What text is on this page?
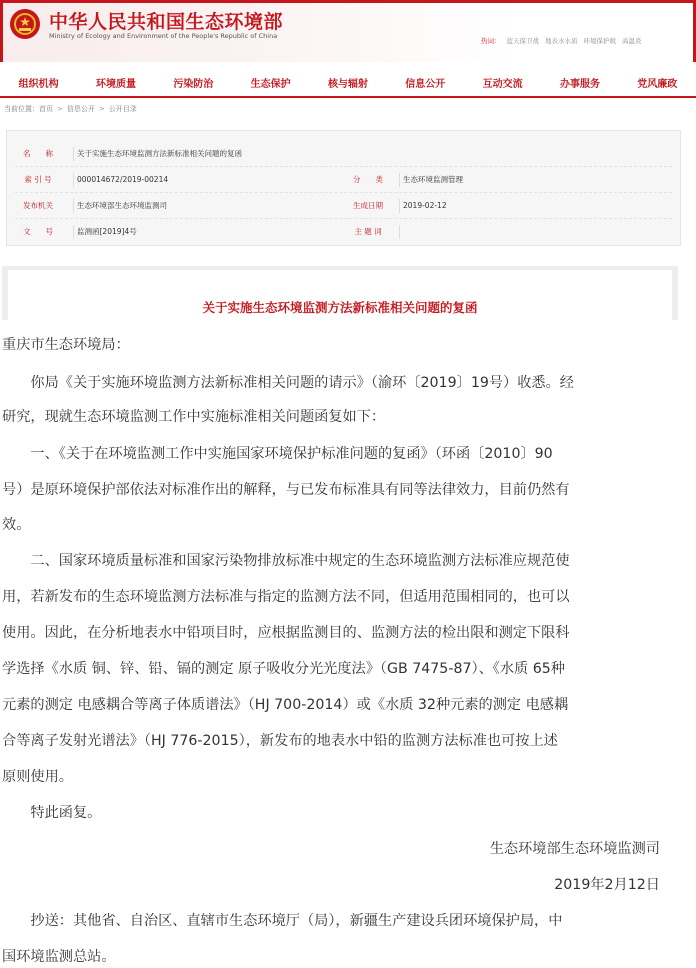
中华人民共和国生态环境部
Ministry of Ecology and Environment of the People's Republic of China
热词： 蓝天保卫战 地表水水质 环境保护税 高温炎
组织机构	环境质量	污染防治	生态保护	核与辐射	信息公开	互动交流	办事服务	党风廉政
当前位置：首页 > 信息公开 > 公开目录
名　　称	关于实施生态环境监测方法新标准相关问题的复函
索 引 号	000014672/2019-00214	分　　类	生态环境监测管理
发布机关	生态环境部生态环境监测司	生成日期	2019-02-12
文　　号	监测函[2019]4号	主 题 词
关于实施生态环境监测方法新标准相关问题的复函
重庆市生态环境局：
　　你局《关于实施环境监测方法新标准相关问题的请示》（渝环〔2019〕19号）收悉。经
研究，现就生态环境监测工作中实施标准相关问题函复如下：
　　一、《关于在环境监测工作中实施国家环境保护标准问题的复函》（环函〔2010〕90
号）是原环境保护部依法对标准作出的解释，与已发布标准具有同等法律效力，目前仍然有
效。
　　二、国家环境质量标准和国家污染物排放标准中规定的生态环境监测方法标准应规范使
用，若新发布的生态环境监测方法标准与指定的监测方法不同，但适用范围相同的，也可以
使用。因此，在分析地表水中铅项目时，应根据监测目的、监测方法的检出限和测定下限科
学选择《水质 铜、锌、铅、镉的测定 原子吸收分光光度法》（GB 7475-87）、《水质 65种
元素的测定 电感耦合等离子体质谱法》（HJ 700-2014）或《水质 32种元素的测定 电感耦
合等离子发射光谱法》（HJ 776-2015），新发布的地表水中铅的监测方法标准也可按上述
原则使用。
　　特此函复。
生态环境部生态环境监测司
2019年2月12日
　　抄送：其他省、自治区、直辖市生态环境厅（局），新疆生产建设兵团环境保护局，中
国环境监测总站。
